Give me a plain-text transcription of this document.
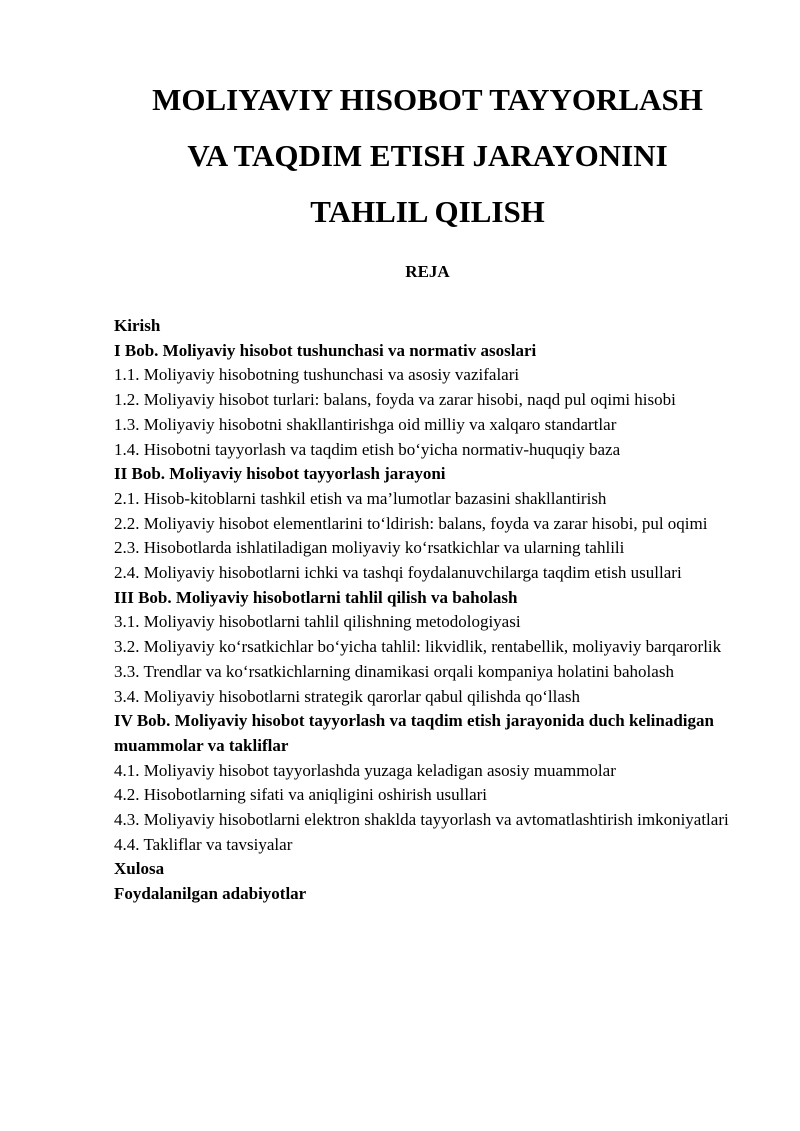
MOLIYAVIY HISOBOT TAYYORLASH
VA TAQDIM ETISH JARAYONINI
TAHLIL QILISH
REJA
Kirish
I Bob. Moliyaviy hisobot tushunchasi va normativ asoslari
1.1. Moliyaviy hisobotning tushunchasi va asosiy vazifalari
1.2. Moliyaviy hisobot turlari: balans, foyda va zarar hisobi, naqd pul oqimi hisobi
1.3. Moliyaviy hisobotni shakllantirishga oid milliy va xalqaro standartlar
1.4. Hisobotni tayyorlash va taqdim etish bo‘yicha normativ-huquqiy baza
II Bob. Moliyaviy hisobot tayyorlash jarayoni
2.1. Hisob-kitoblarni tashkil etish va ma’lumotlar bazasini shakllantirish
2.2. Moliyaviy hisobot elementlarini to‘ldirish: balans, foyda va zarar hisobi, pul oqimi
2.3. Hisobotlarda ishlatiladigan moliyaviy ko‘rsatkichlar va ularning tahlili
2.4. Moliyaviy hisobotlarni ichki va tashqi foydalanuvchilarga taqdim etish usullari
III Bob. Moliyaviy hisobotlarni tahlil qilish va baholash
3.1. Moliyaviy hisobotlarni tahlil qilishning metodologiyasi
3.2. Moliyaviy ko‘rsatkichlar bo‘yicha tahlil: likvidlik, rentabellik, moliyaviy barqarorlik
3.3. Trendlar va ko‘rsatkichlarning dinamikasi orqali kompaniya holatini baholash
3.4. Moliyaviy hisobotlarni strategik qarorlar qabul qilishda qo‘llash
IV Bob. Moliyaviy hisobot tayyorlash va taqdim etish jarayonida duch kelinadigan muammolar va takliflar
4.1. Moliyaviy hisobot tayyorlashda yuzaga keladigan asosiy muammolar
4.2. Hisobotlarning sifati va aniqligini oshirish usullari
4.3. Moliyaviy hisobotlarni elektron shaklda tayyorlash va avtomatlashtirish imkoniyatlari
4.4. Takliflar va tavsiyalar
Xulosa
Foydalanilgan adabiyotlar
